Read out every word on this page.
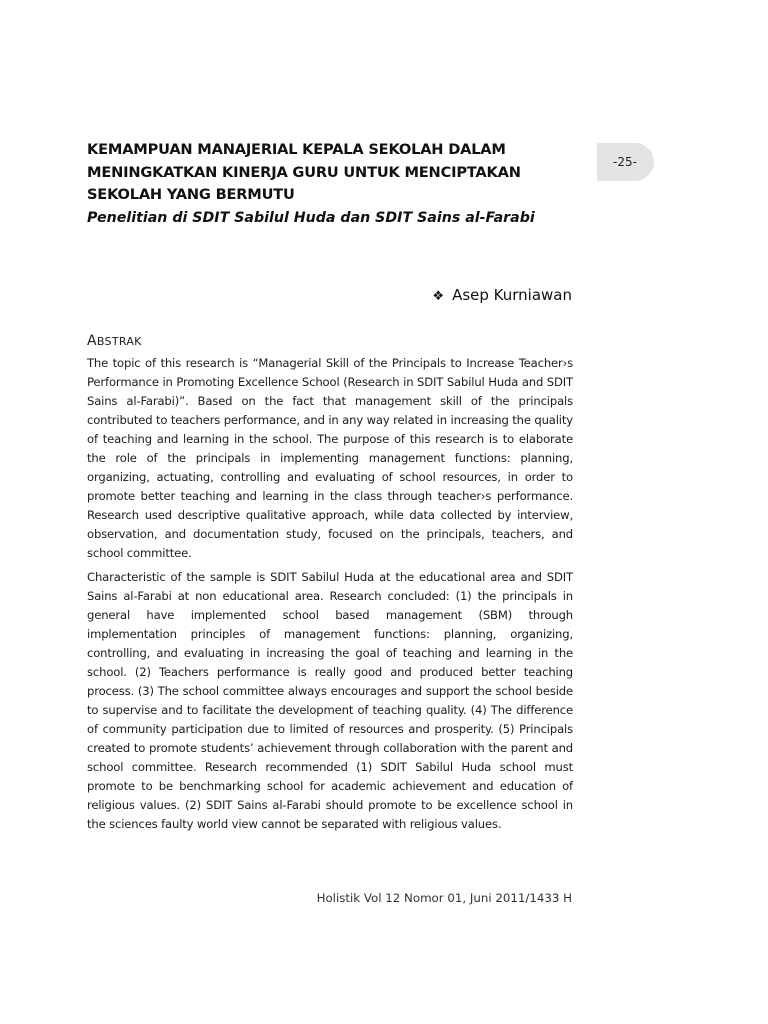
-25-
KEMAMPUAN MANAJERIAL KEPALA SEKOLAH DALAM
MENINGKATKAN KINERJA GURU UNTUK MENCIPTAKAN
SEKOLAH YANG BERMUTU
Penelitian di SDIT Sabilul Huda dan SDIT Sains al-Farabi
❖ Asep Kurniawan
ABSTRAK

The topic of this research is “Managerial Skill of the Principals to Increase Teacher›s Performance in Promoting Excellence School (Research in SDIT Sabilul Huda and SDIT Sains al-Farabi)”. Based on the fact that management skill of the principals contributed to teachers performance, and in any way related in increasing the quality of teaching and learning in the school. The purpose of this research is to elaborate the role of the principals in implementing management functions: planning, organizing, actuating, controlling and evaluating of school resources, in order to promote better teaching and learning in the class through teacher›s performance. Research used descriptive qualitative approach, while data collected by interview, observation, and documentation study, focused on the principals, teachers, and school committee.

Characteristic of the sample is SDIT Sabilul Huda at the educational area and SDIT Sains al-Farabi at non educational area. Research concluded: (1) the principals in general have implemented school based management (SBM) through implementation principles of management functions: planning, organizing, controlling, and evaluating in increasing the goal of teaching and learning in the school. (2) Teachers performance is really good and produced better teaching process. (3) The school committee always encourages and support the school beside to supervise and to facilitate the development of teaching quality. (4) The difference of community participation due to limited of resources and prosperity. (5) Principals created to promote students’ achievement through collaboration with the parent and school committee. Research recommended (1) SDIT Sabilul Huda school must promote to be benchmarking school for academic achievement and education of religious values. (2) SDIT Sains al-Farabi should promote to be excellence school in the sciences faulty world view cannot be separated with religious values.

Holistik Vol 12 Nomor 01, Juni 2011/1433 H
